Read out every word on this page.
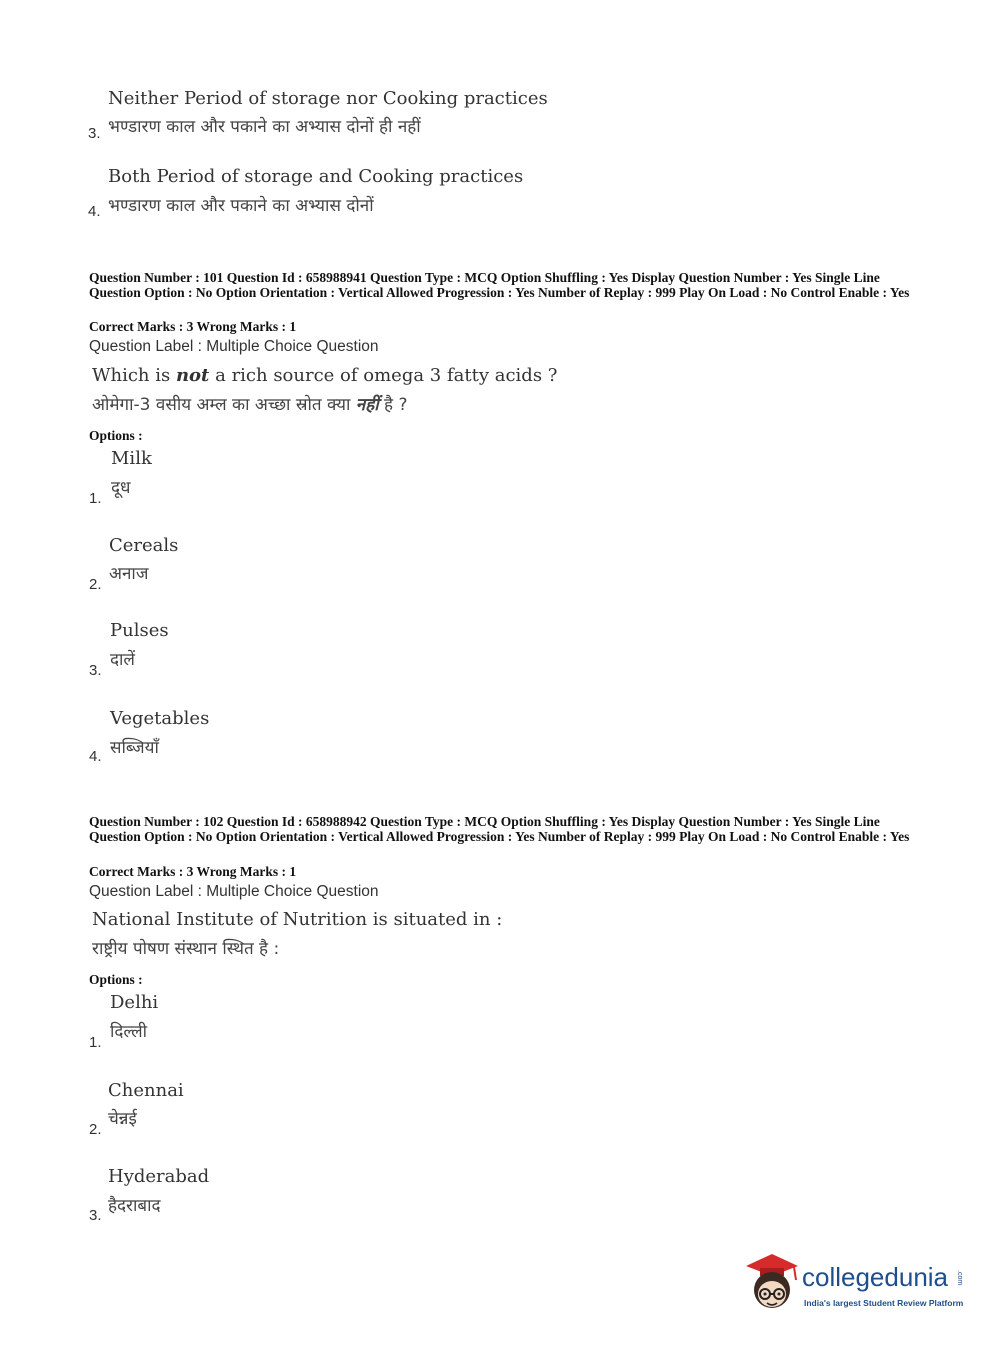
Neither Period of storage nor Cooking practices
3. भण्डारण काल और पकाने का अभ्यास दोनों ही नहीं
Both Period of storage and Cooking practices
4. भण्डारण काल और पकाने का अभ्यास दोनों
Question Number : 101 Question Id : 658988941 Question Type : MCQ Option Shuffling : Yes Display Question Number : Yes Single Line Question Option : No Option Orientation : Vertical Allowed Progression : Yes Number of Replay : 999 Play On Load : No Control Enable : Yes
Correct Marks : 3 Wrong Marks : 1
Question Label : Multiple Choice Question
Which is not a rich source of omega 3 fatty acids ?
ओमेगा-3 वसीय अम्ल का अच्छा स्रोत क्या नहीं है ?
Options :
Milk
दूध
1.
Cereals
अनाज
2.
Pulses
दालें
3.
Vegetables
सब्जियाँ
4.
Question Number : 102 Question Id : 658988942 Question Type : MCQ Option Shuffling : Yes Display Question Number : Yes Single Line Question Option : No Option Orientation : Vertical Allowed Progression : Yes Number of Replay : 999 Play On Load : No Control Enable : Yes
Correct Marks : 3 Wrong Marks : 1
Question Label : Multiple Choice Question
National Institute of Nutrition is situated in :
राष्ट्रीय पोषण संस्थान स्थित है :
Options :
Delhi
दिल्ली
1.
Chennai
चेन्नई
2.
Hyderabad
हैदराबाद
3.
collegedunia .com
India's largest Student Review Platform
